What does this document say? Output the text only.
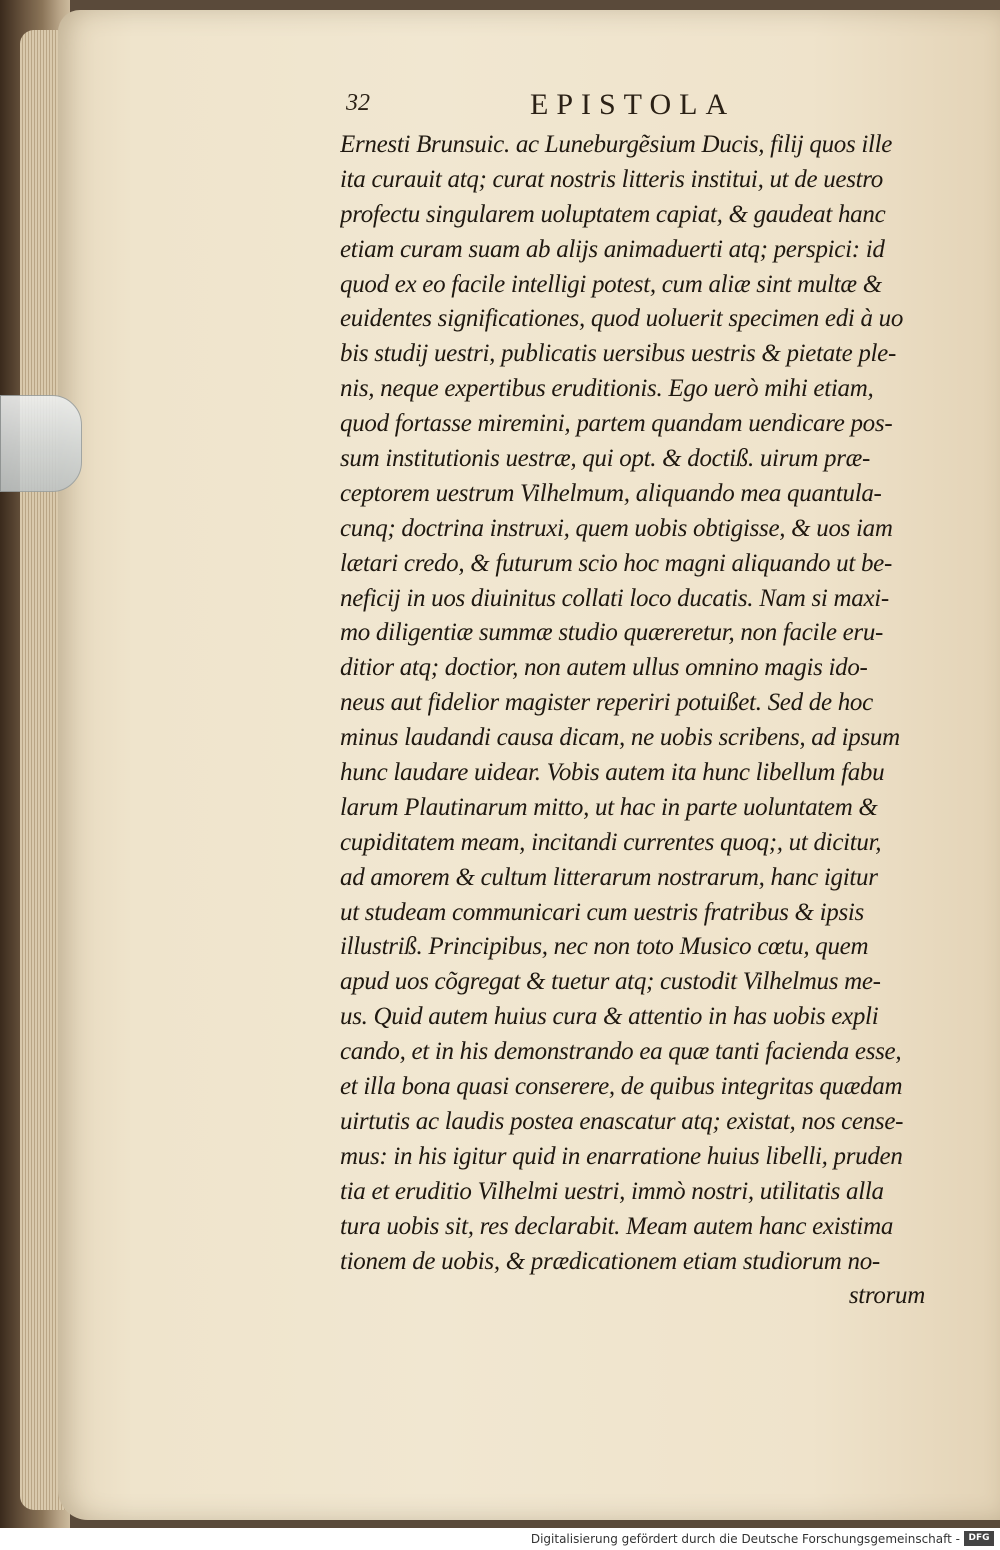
32	EPISTOLA
Ernesti Brunsuic. ac Luneburgẽsium Ducis, filij quos ille
ita curauit atq; curat nostris litteris institui, ut de uestro
profectu singularem uoluptatem capiat, & gaudeat hanc
etiam curam suam ab alijs animaduerti atq; perspici: id
quod ex eo facile intelligi potest, cum aliæ sint multæ &
euidentes significationes, quod uoluerit specimen edi à uo
bis studij uestri, publicatis uersibus uestris & pietate ple-
nis, neque expertibus eruditionis. Ego uerò mihi etiam,
quod fortasse miremini, partem quandam uendicare pos-
sum institutionis uestræ, qui opt. & doctiß. uirum præ-
ceptorem uestrum Vilhelmum, aliquando mea quantula-
cunq; doctrina instruxi, quem uobis obtigisse, & uos iam
lætari credo, & futurum scio hoc magni aliquando ut be-
neficij in uos diuinitus collati loco ducatis. Nam si maxi-
mo diligentiæ summæ studio quæreretur, non facile eru-
ditior atq; doctior, non autem ullus omnino magis ido-
neus aut fidelior magister reperiri potuißet. Sed de hoc
minus laudandi causa dicam, ne uobis scribens, ad ipsum
hunc laudare uidear. Vobis autem ita hunc libellum fabu
larum Plautinarum mitto, ut hac in parte uoluntatem &
cupiditatem meam, incitandi currentes quoq;, ut dicitur,
ad amorem & cultum litterarum nostrarum, hanc igitur
ut studeam communicari cum uestris fratribus & ipsis
illustriß. Principibus, nec non toto Musico cœtu, quem
apud uos cõgregat & tuetur atq; custodit Vilhelmus me-
us. Quid autem huius cura & attentio in has uobis expli
cando, et in his demonstrando ea quæ tanti facienda esse,
et illa bona quasi conserere, de quibus integritas quædam
uirtutis ac laudis postea enascatur atq; existat, nos cense-
mus: in his igitur quid in enarratione huius libelli, pruden
tia et eruditio Vilhelmi uestri, immò nostri, utilitatis alla
tura uobis sit, res declarabit. Meam autem hanc existima
tionem de uobis, & prædicationem etiam studiorum no-
strorum
Digitalisierung gefördert durch die Deutsche Forschungsgemeinschaft - DFG
